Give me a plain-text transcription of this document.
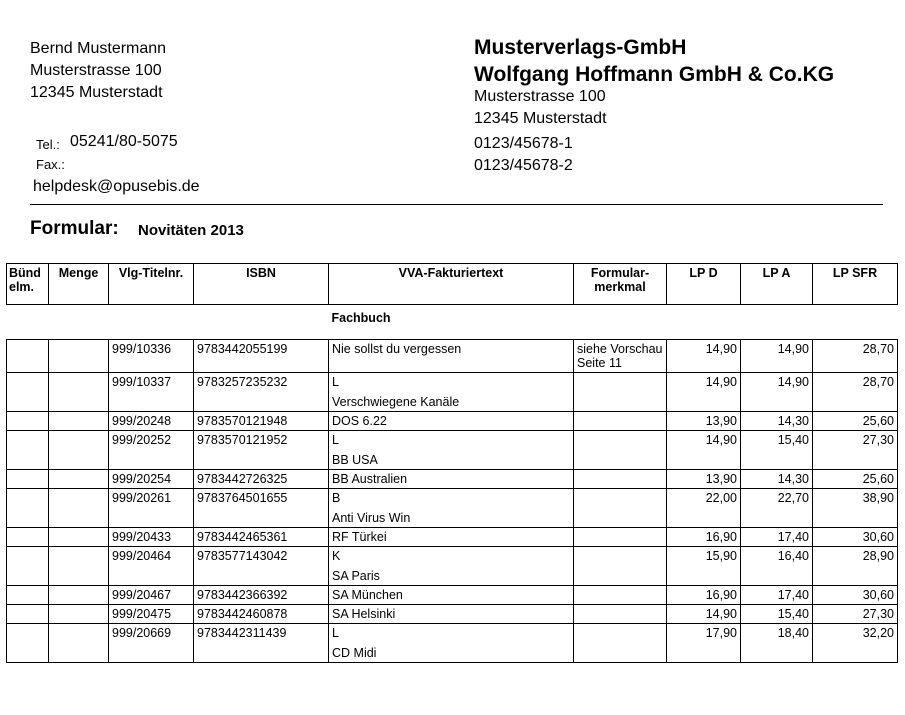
Bernd Mustermann
Musterstrasse 100
12345 Musterstadt
Tel.: 05241/80-5075
Fax.:
helpdesk@opusebis.de
Musterverlags-GmbH
Wolfgang Hoffmann GmbH & Co.KG
Musterstrasse 100
12345 Musterstadt
0123/45678-1
0123/45678-2
Formular: Novitäten 2013
Bünd elm.	Menge	Vlg-Titelnr.	ISBN	VVA-Fakturiertext	Formular-merkmal	LP D	LP A	LP SFR
				Fachbuch				
		999/10336	9783442055199	Nie sollst du vergessen	siehe Vorschau Seite 11	14,90	14,90	28,70
		999/10337	9783257235232	L
Verschwiegene Kanäle		14,90	14,90	28,70
		999/20248	9783570121948	DOS 6.22		13,90	14,30	25,60
		999/20252	9783570121952	L
BB USA		14,90	15,40	27,30
		999/20254	9783442726325	BB Australien		13,90	14,30	25,60
		999/20261	9783764501655	B
Anti Virus Win		22,00	22,70	38,90
		999/20433	9783442465361	RF Türkei		16,90	17,40	30,60
		999/20464	9783577143042	K
SA Paris		15,90	16,40	28,90
		999/20467	9783442366392	SA München		16,90	17,40	30,60
		999/20475	9783442460878	SA Helsinki		14,90	15,40	27,30
		999/20669	9783442311439	L
CD Midi		17,90	18,40	32,20
